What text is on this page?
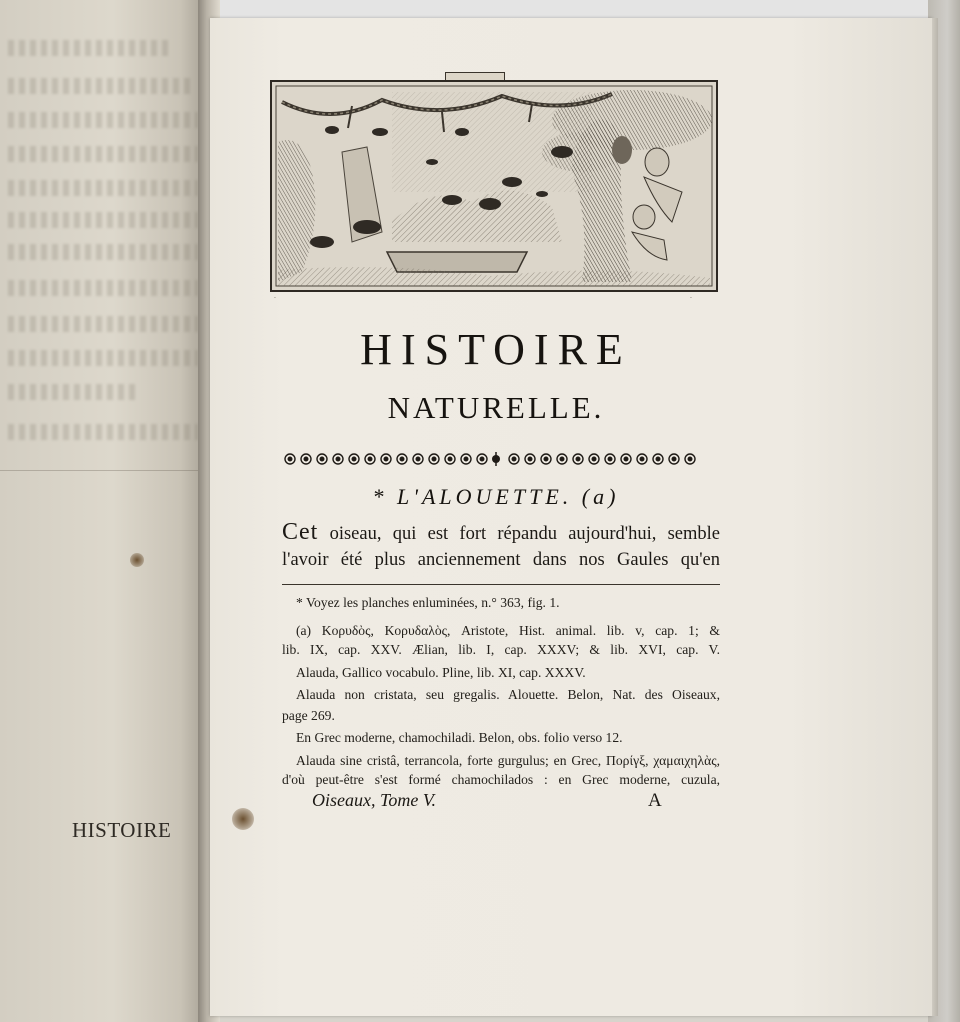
HISTOIRE
·	·
HISTOIRE
NATURELLE.
* L'ALOUETTE. (a)
Cet oiseau, qui est fort répandu aujourd'hui, semble
l'avoir été plus anciennement dans nos Gaules qu'en
* Voyez les planches enluminées, n.° 363, fig. 1.
(a) Κορυδὸς, Κορυδαλὸς, Aristote, Hist. animal. lib. v, cap. 1; &
lib. IX, cap. XXV. Ælian, lib. I, cap. XXXV; & lib. XVI, cap. V.
Alauda, Gallico vocabulo. Pline, lib. XI, cap. XXXV.
Alauda non cristata, seu gregalis. Alouette. Belon, Nat. des Oiseaux,
page 269.
En Grec moderne, chamochiladi. Belon, obs. folio verso 12.
Alauda sine cristâ, terrancola, forte gurgulus; en Grec, Πορίγξ, χαμαιχηλὰς,
d'où peut-être s'est formé chamochilados : en Grec moderne, cuzula,
Oiseaux, Tome V.	A
